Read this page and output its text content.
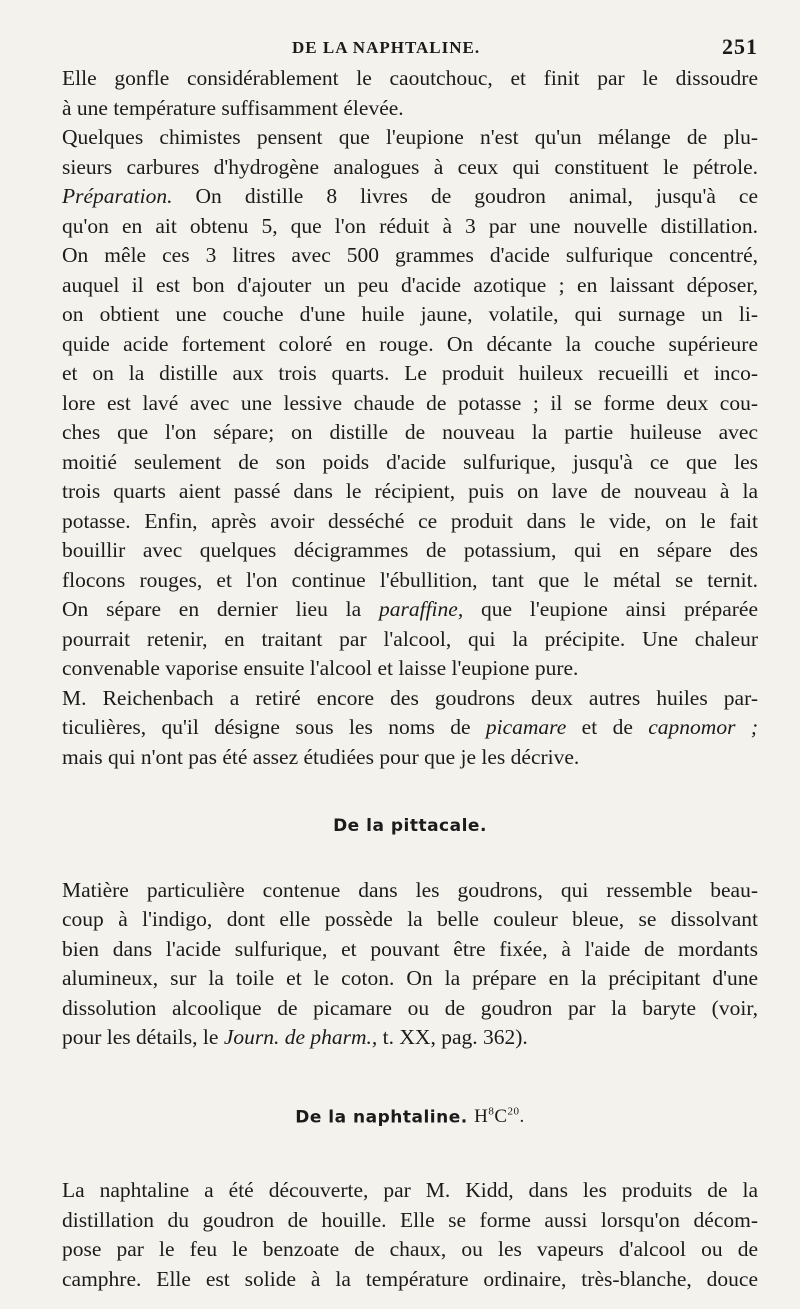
DE LA NAPHTALINE.	251
Elle gonfle considérablement le caoutchouc, et finit par le dissoudre
à une température suffisamment élevée.
Quelques chimistes pensent que l'eupione n'est qu'un mélange de plu-
sieurs carbures d'hydrogène analogues à ceux qui constituent le pétrole.
Préparation. On distille 8 livres de goudron animal, jusqu'à ce
qu'on en ait obtenu 5, que l'on réduit à 3 par une nouvelle distillation.
On mêle ces 3 litres avec 500 grammes d'acide sulfurique concentré,
auquel il est bon d'ajouter un peu d'acide azotique ; en laissant déposer,
on obtient une couche d'une huile jaune, volatile, qui surnage un li-
quide acide fortement coloré en rouge. On décante la couche supérieure
et on la distille aux trois quarts. Le produit huileux recueilli et inco-
lore est lavé avec une lessive chaude de potasse ; il se forme deux cou-
ches que l'on sépare; on distille de nouveau la partie huileuse avec
moitié seulement de son poids d'acide sulfurique, jusqu'à ce que les
trois quarts aient passé dans le récipient, puis on lave de nouveau à la
potasse. Enfin, après avoir desséché ce produit dans le vide, on le fait
bouillir avec quelques décigrammes de potassium, qui en sépare des
flocons rouges, et l'on continue l'ébullition, tant que le métal se ternit.
On sépare en dernier lieu la paraffine, que l'eupione ainsi préparée
pourrait retenir, en traitant par l'alcool, qui la précipite. Une chaleur
convenable vaporise ensuite l'alcool et laisse l'eupione pure.
M. Reichenbach a retiré encore des goudrons deux autres huiles par-
ticulières, qu'il désigne sous les noms de picamare et de capnomor ;
mais qui n'ont pas été assez étudiées pour que je les décrive.
De la pittacale.
Matière particulière contenue dans les goudrons, qui ressemble beau-
coup à l'indigo, dont elle possède la belle couleur bleue, se dissolvant
bien dans l'acide sulfurique, et pouvant être fixée, à l'aide de mordants
alumineux, sur la toile et le coton. On la prépare en la précipitant d'une
dissolution alcoolique de picamare ou de goudron par la baryte (voir,
pour les détails, le Journ. de pharm., t. XX, pag. 362).
De la naphtaline. $H^8C^{20}$.
La naphtaline a été découverte, par M. Kidd, dans les produits de la
distillation du goudron de houille. Elle se forme aussi lorsqu'on décom-
pose par le feu le benzoate de chaux, ou les vapeurs d'alcool ou de
camphre. Elle est solide à la température ordinaire, très-blanche, douce
